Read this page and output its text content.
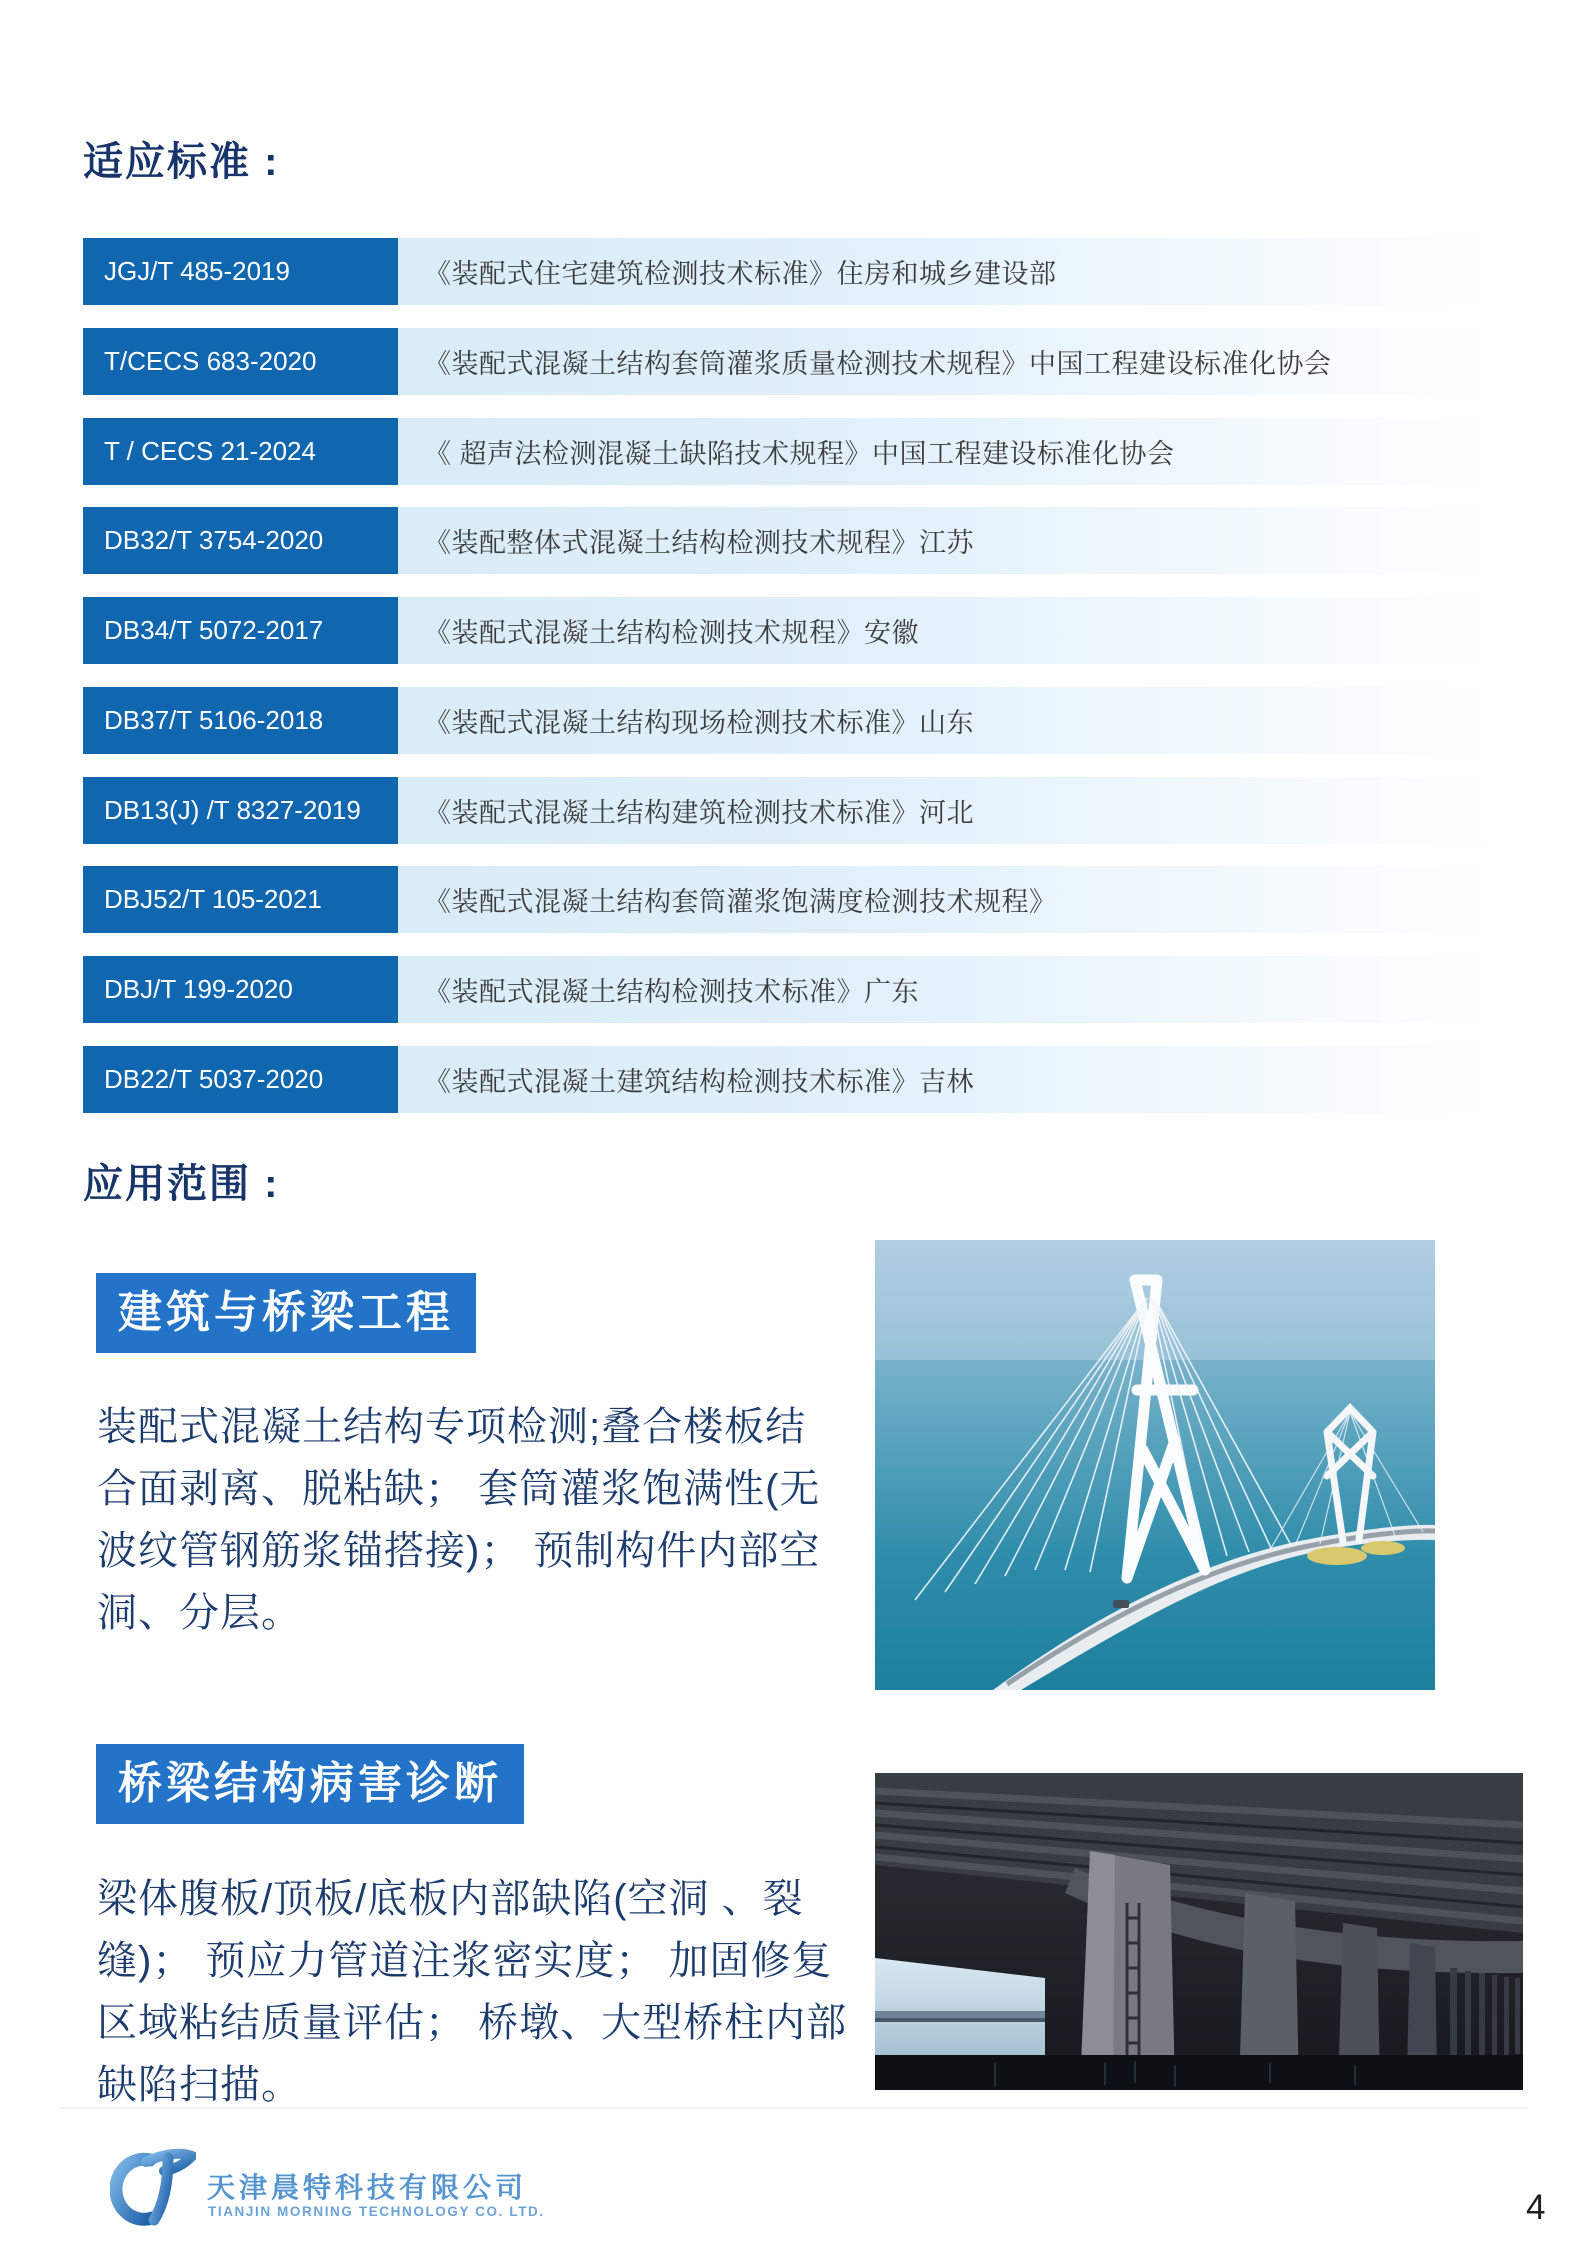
适应标准 :
JGJ/T 485-2019	《装配式住宅建筑检测技术标准》住房和城乡建设部
T/CECS 683-2020	《装配式混凝土结构套筒灌浆质量检测技术规程》中国工程建设标准化协会
T / CECS 21-2024	《 超声法检测混凝土缺陷技术规程》中国工程建设标准化协会
DB32/T 3754-2020	《装配整体式混凝土结构检测技术规程》江苏
DB34/T 5072-2017	《装配式混凝土结构检测技术规程》安徽
DB37/T 5106-2018	《装配式混凝土结构现场检测技术标准》山东
DB13(J) /T 8327-2019	《装配式混凝土结构建筑检测技术标准》河北
DBJ52/T 105-2021	《装配式混凝土结构套筒灌浆饱满度检测技术规程》
DBJ/T 199-2020	《装配式混凝土结构检测技术标准》广东
DB22/T 5037-2020	《装配式混凝土建筑结构检测技术标准》吉林
应用范围 :
建筑与桥梁工程
装配式混凝土结构专项检测;叠合楼板结
合面剥离、脱粘缺； 套筒灌浆饱满性(无
波纹管钢筋浆锚搭接)； 预制构件内部空
洞、分层。
桥梁结构病害诊断
梁体腹板/顶板/底板内部缺陷(空洞 、裂
缝)； 预应力管道注浆密实度； 加固修复
区域粘结质量评估； 桥墩、大型桥柱内部
缺陷扫描。
天津晨特科技有限公司
TIANJIN MORNING TECHNOLOGY CO. LTD.	4
